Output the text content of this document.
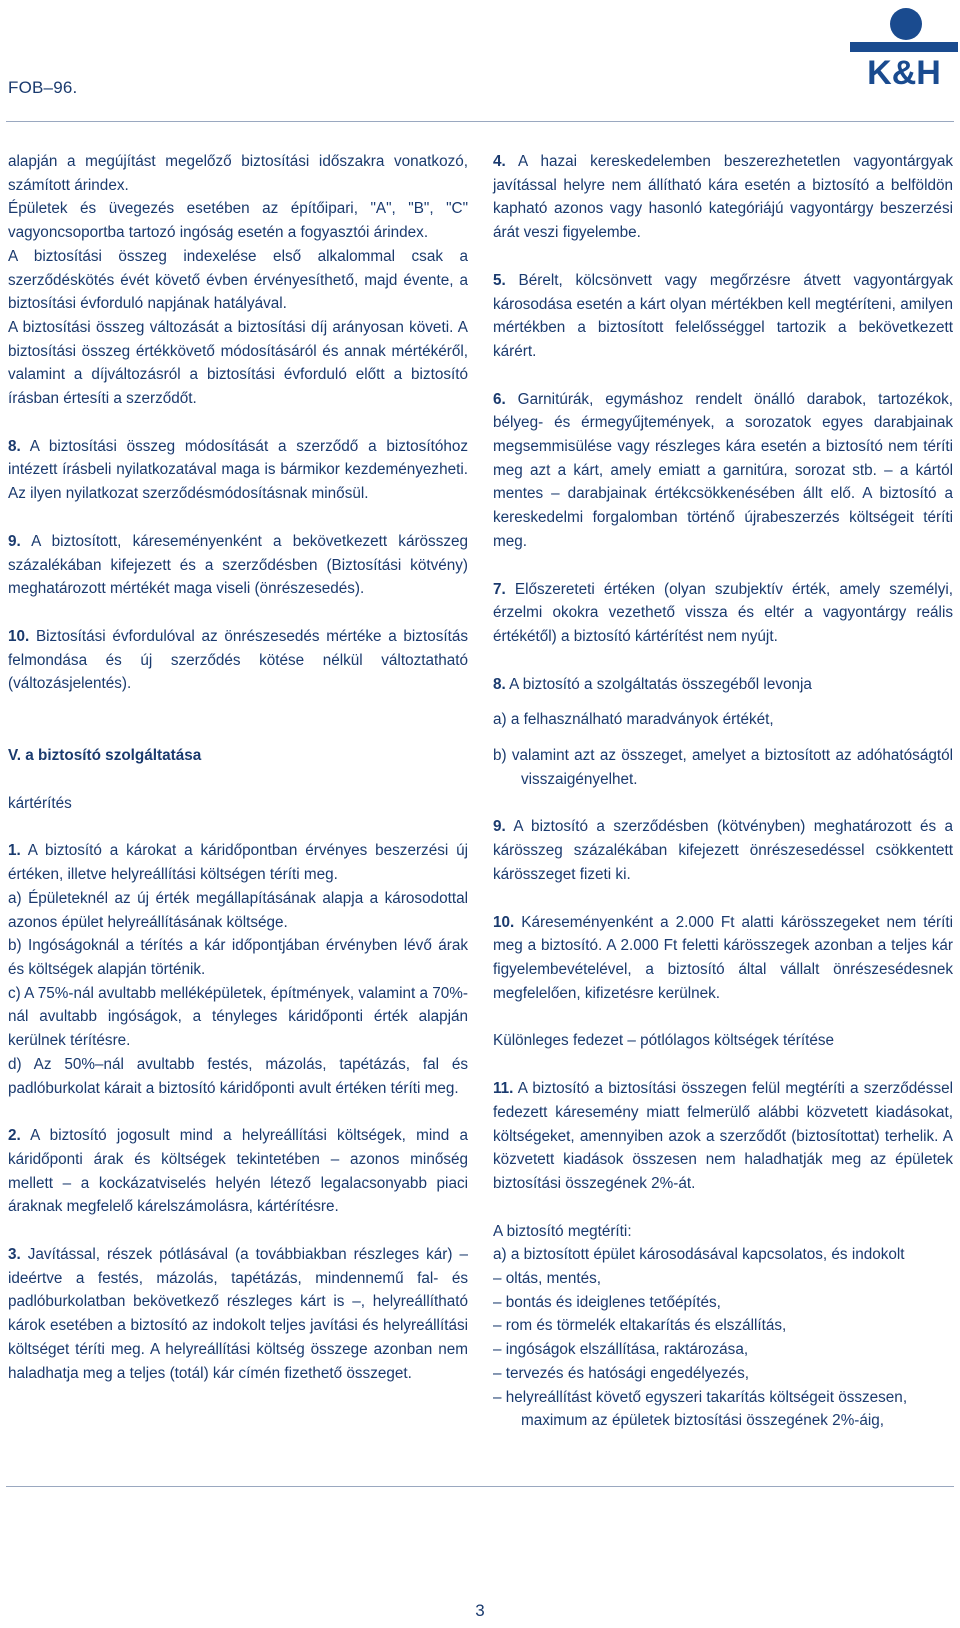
FOB–96.	K&H

alapján a megújítást megelőző biztosítási időszakra vonatkozó, számított árindex.

Épületek és üvegezés esetében az építőipari, "A", "B", "C" vagyoncsoportba tartozó ingóság esetén a fogyasztói árindex.

A biztosítási összeg indexelése első alkalommal csak a szerződéskötés évét követő évben érvényesíthető, majd évente, a biztosítási évforduló napjának hatályával.

A biztosítási összeg változását a biztosítási díj arányosan követi. A biztosítási összeg értékkövető módosításáról és annak mértékéről, valamint a díjváltozásról a biztosítási évforduló előtt a biztosító írásban értesíti a szerződőt.

8. A biztosítási összeg módosítását a szerződő a biztosítóhoz intézett írásbeli nyilatkozatával maga is bármikor kezdeményezheti. Az ilyen nyilatkozat szerződésmódosításnak minősül.

9. A biztosított, káreseményenként a bekövetkezett kárösszeg százalékában kifejezett és a szerződésben (Biztosítási kötvény) meghatározott mértékét maga viseli (önrészesedés).

10. Biztosítási évfordulóval az önrészesedés mértéke a biztosítás felmondása és új szerződés kötése nélkül változtatható (változásjelentés).

V. a biztosító szolgáltatása

kártérítés

1. A biztosító a károkat a káridőpontban érvényes beszerzési új értéken, illetve helyreállítási költségen téríti meg.

a) Épületeknél az új érték megállapításának alapja a károsodottal azonos épület helyreállításának költsége.

b) Ingóságoknál a térítés a kár időpontjában érvényben lévő árak és költségek alapján történik.

c) A 75%-nál avultabb melléképületek, építmények, valamint a 70%-nál avultabb ingóságok, a tényleges káridőponti érték alapján kerülnek térítésre.

d) Az 50%–nál avultabb festés, mázolás, tapétázás, fal és padlóburkolat kárait a biztosító káridőponti avult értéken téríti meg.

2. A biztosító jogosult mind a helyreállítási költségek, mind a káridőponti árak és költségek tekintetében – azonos minőség mellett – a kockázatviselés helyén létező legalacsonyabb piaci áraknak megfelelő kárelszámolásra, kártérítésre.

3. Javítással, részek pótlásával (a továbbiakban részleges kár) – ideértve a festés, mázolás, tapétázás, mindennemű fal- és padlóburkolatban bekövetkező részleges kárt is –, helyreállítható károk esetében a biztosító az indokolt teljes javítási és helyreállítási költséget téríti meg. A helyreállítási költség összege azonban nem haladhatja meg a teljes (totál) kár címén fizethető összeget.

4. A hazai kereskedelemben beszerezhetetlen vagyontárgyak javítással helyre nem állítható kára esetén a biztosító a belföldön kapható azonos vagy hasonló kategóriájú vagyontárgy beszerzési árát veszi figyelembe.

5. Bérelt, kölcsönvett vagy megőrzésre átvett vagyontárgyak károsodása esetén a kárt olyan mértékben kell megtéríteni, amilyen mértékben a biztosított felelősséggel tartozik a bekövetkezett kárért.

6. Garnitúrák, egymáshoz rendelt önálló darabok, tartozékok, bélyeg- és érmegyűjtemények, a sorozatok egyes darabjainak megsemmisülése vagy részleges kára esetén a biztosító nem téríti meg azt a kárt, amely emiatt a garnitúra, sorozat stb. – a kártól mentes – darabjainak értékcsökkenésében állt elő. A biztosító a kereskedelmi forgalomban történő újrabeszerzés költségeit téríti meg.

7. Előszereteti értéken (olyan szubjektív érték, amely személyi, érzelmi okokra vezethető vissza és eltér a vagyontárgy reális értékétől) a biztosító kártérítést nem nyújt.

8. A biztosító a szolgáltatás összegéből levonja

a) a felhasználható maradványok értékét,

b) valamint azt az összeget, amelyet a biztosított az adóhatóságtól visszaigényelhet.

9. A biztosító a szerződésben (kötvényben) meghatározott és a kárösszeg százalékában kifejezett önrészesedéssel csökkentett kárösszeget fizeti ki.

10. Káreseményenként a 2.000 Ft alatti kárösszegeket nem téríti meg a biztosító. A 2.000 Ft feletti kárösszegek azonban a teljes kár figyelembevételével, a biztosító által vállalt önrészesédesnek megfelelően, kifizetésre kerülnek.

Különleges fedezet – pótlólagos költségek térítése

11. A biztosító a biztosítási összegen felül megtéríti a szerződéssel fedezett káresemény miatt felmerülő alábbi közvetett kiadásokat, költségeket, amennyiben azok a szerződőt (biztosítottat) terhelik. A közvetett kiadások összesen nem haladhatják meg az épületek biztosítási összegének 2%-át.

A biztosító megtéríti:

a) a biztosított épület károsodásával kapcsolatos, és indokolt

– oltás, mentés,

– bontás és ideiglenes tetőépítés,

– rom és törmelék eltakarítás és elszállítás,

– ingóságok elszállítása, raktározása,

– tervezés és hatósági engedélyezés,

– helyreállítást követő egyszeri takarítás költségeit összesen, maximum az épületek biztosítási összegének 2%-áig,

3
